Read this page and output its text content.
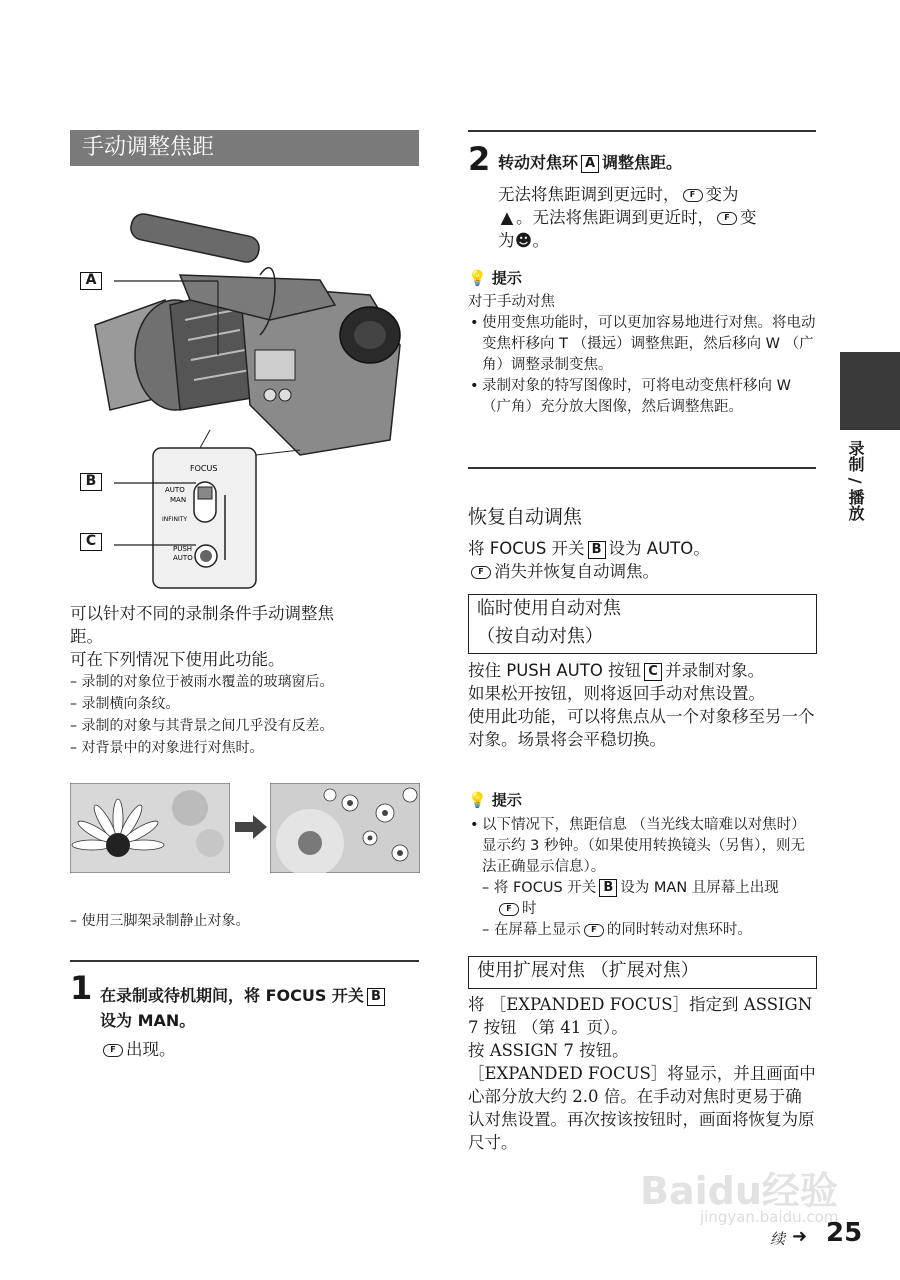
手动调整焦距
FOCUS
AUTO
MAN
INFINITY
PUSH
AUTO
A
B
C
可以针对不同的录制条件手动调整焦
距。
可在下列情况下使用此功能。
– 录制的对象位于被雨水覆盖的玻璃窗后。
– 录制横向条纹。
– 录制的对象与其背景之间几乎没有反差。
– 对背景中的对象进行对焦时。
– 使用三脚架录制静止对象。
1 在录制或待机期间，将 FOCUS 开关 B
设为 MAN。
F 出现。
2 转动对焦环 A 调整焦距。
无法将焦距调到更远时， F 变为
▲ 。无法将焦距调到更近时， F 变
为☻。
💡 提示
对于手动对焦
• 使用变焦功能时，可以更加容易地进行对焦。将电动变焦杆移向 T （摄远）调整焦距，然后移向 W （广角）调整录制变焦。
• 录制对象的特写图像时，可将电动变焦杆移向 W （广角）充分放大图像，然后调整焦距。
恢复自动调焦
将 FOCUS 开关 B 设为 AUTO。
F 消失并恢复自动调焦。
临时使用自动对焦
（按自动对焦）
按住 PUSH AUTO 按钮 C 并录制对象。
如果松开按钮，则将返回手动对焦设置。
使用此功能，可以将焦点从一个对象移至另一个对象。场景将会平稳切换。
💡 提示
• 以下情况下，焦距信息 （当光线太暗难以对焦时）显示约 3 秒钟。（如果使用转换镜头（另售），则无法正确显示信息）。
– 将 FOCUS 开关 B 设为 MAN 且屏幕上出现
F 时
– 在屏幕上显示 F 的同时转动对焦环时。
使用扩展对焦 （扩展对焦）
将 ［EXPANDED FOCUS］指定到 ASSIGN 7 按钮 （第 41 页）。
按 ASSIGN 7 按钮。
［EXPANDED FOCUS］将显示，并且画面中心部分放大约 2.0 倍。在手动对焦时更易于确认对焦设置。再次按该按钮时，画面将恢复为原尺寸。
录制 / 播放
Baidu经验
jingyan.baidu.com
续 ➜ 25
